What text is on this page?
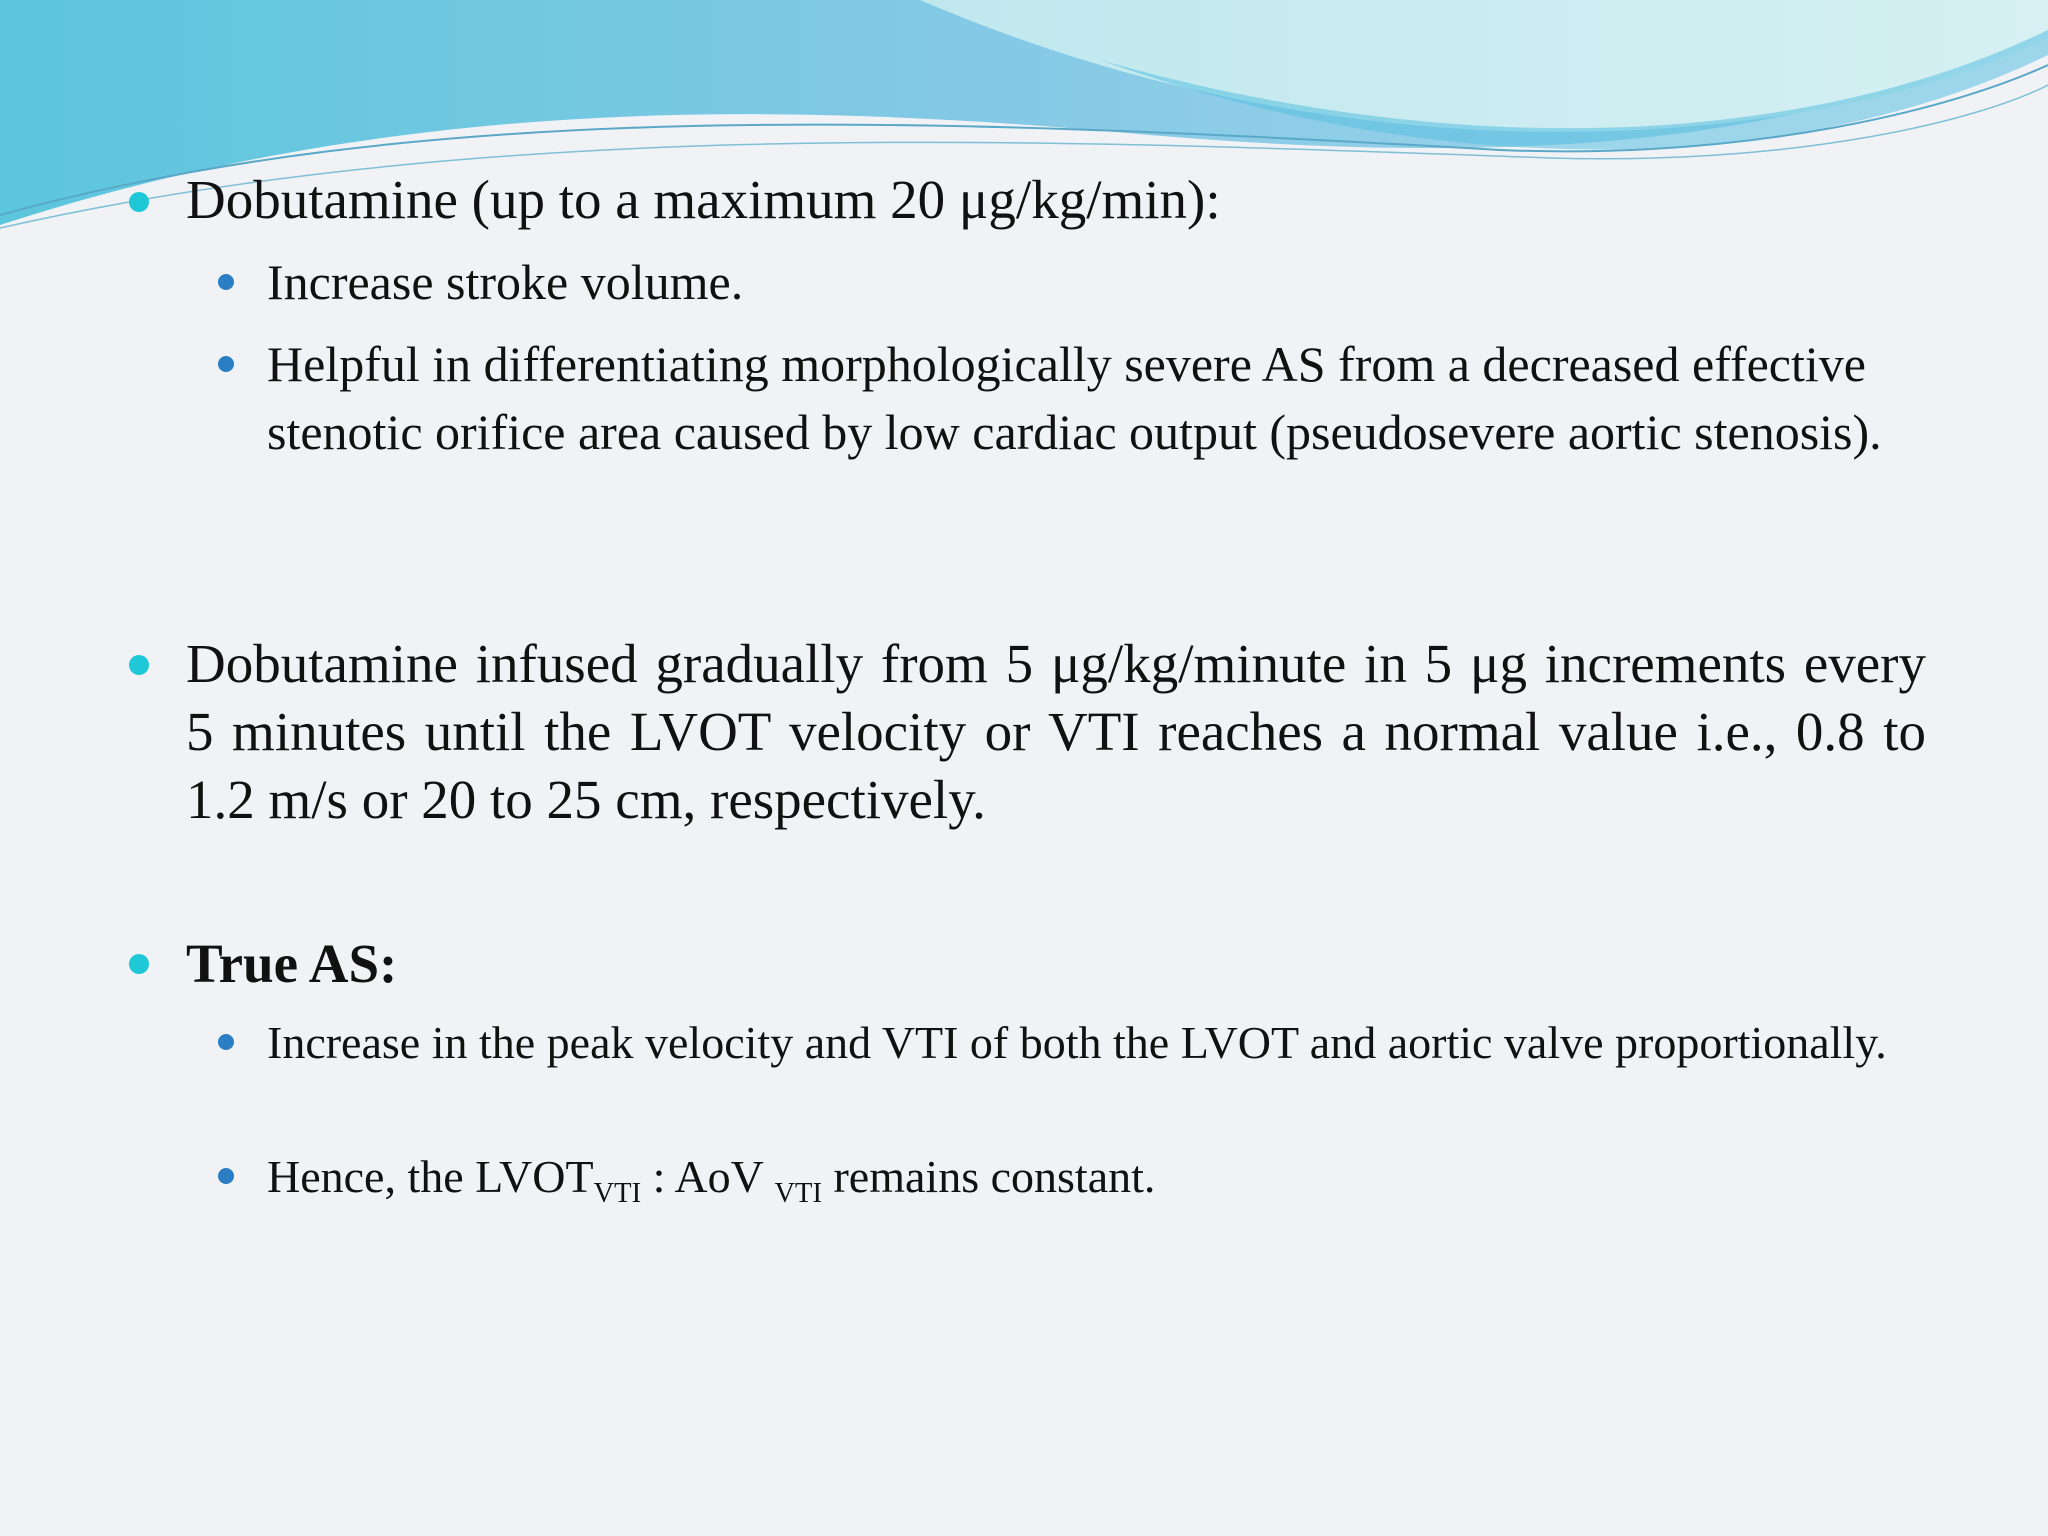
Dobutamine (up to a maximum 20 μg/kg/min):

Increase stroke volume.

Helpful in differentiating morphologically severe AS from a decreased effective stenotic orifice area caused by low cardiac output (pseudosevere aortic stenosis).

Dobutamine infused gradually from 5 μg/kg/minute in 5 μg increments every 5 minutes until the LVOT velocity or VTI reaches a normal value i.e., 0.8 to 1.2 m/s or 20 to 25 cm, respectively.

True AS:

Increase in the peak velocity and VTI of both the LVOT and aortic valve proportionally.

Hence, the $LVOT_{VTI}$ : AoV $_{VTI}$ remains constant.
